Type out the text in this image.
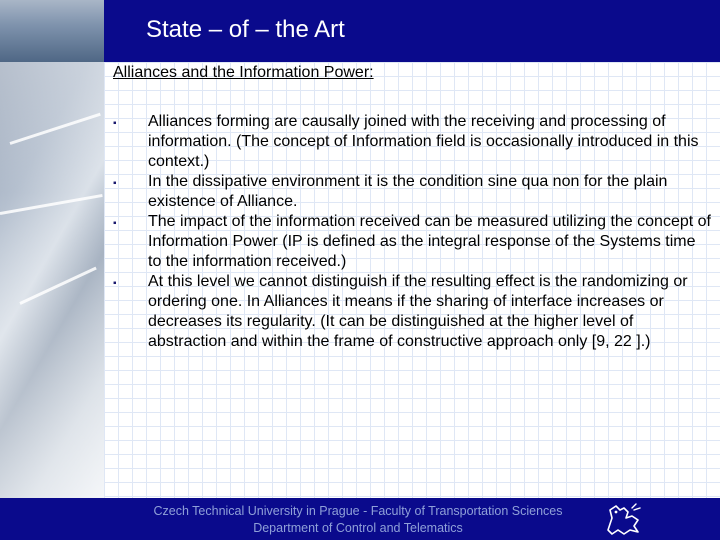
State – of – the Art
Alliances and the Information Power:
▪ Alliances forming are causally joined with the receiving and processing of information. (The concept of Information field is occasionally introduced in this context.)
▪ In the dissipative environment it is the condition sine qua non for the plain existence of Alliance.
▪ The impact of the information received can be measured utilizing the concept of Information Power (IP is defined as the integral response of the Systems time to the information received.)
▪ At this level we cannot distinguish if the resulting effect is the randomizing or ordering one. In Alliances it means if the sharing of interface increases or decreases its regularity. (It can be distinguished at the higher level of abstraction and within the frame of constructive approach only [9, 22 ].)
Czech Technical University in Prague - Faculty of Transportation Sciences
Department of Control and Telematics
